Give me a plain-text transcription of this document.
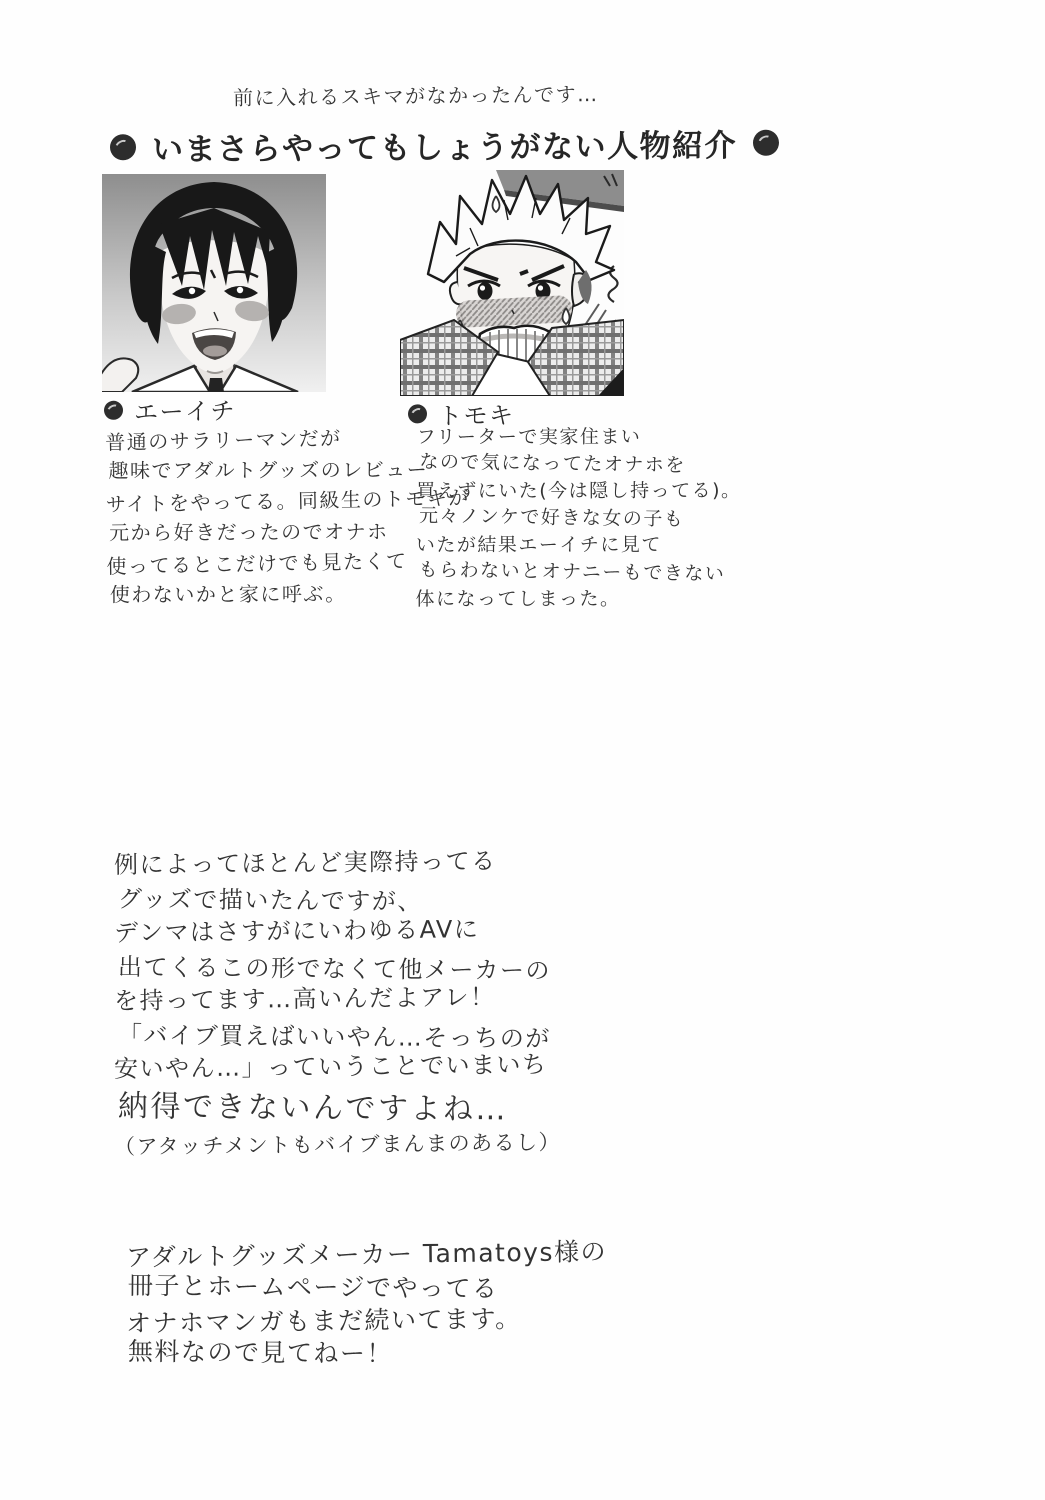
前に入れるスキマがなかったんです…
いまさらやってもしょうがない人物紹介
エーイチ
普通のサラリーマンだが
趣味でアダルトグッズのレビュー
サイトをやってる。同級生のトモキが
元から好きだったのでオナホ
使ってるとこだけでも見たくて
使わないかと家に呼ぶ。
トモキ
フリーターで実家住まい
なので気になってたオナホを
買えずにいた(今は隠し持ってる)。
元々ノンケで好きな女の子も
いたが結果エーイチに見て
もらわないとオナニーもできない
体になってしまった。
例によってほとんど実際持ってる
グッズで描いたんですが、
デンマはさすがにいわゆるAVに
出てくるこの形でなくて他メーカーの
を持ってます…高いんだよアレ！
「バイブ買えばいいやん…そっちのが
安いやん…」っていうことでいまいち
納得できないんですよね…
（アタッチメントもバイブまんまのあるし）
アダルトグッズメーカー Tamatoys様の
冊子とホームページでやってる
オナホマンガもまだ続いてます。
無料なので見てねー！
